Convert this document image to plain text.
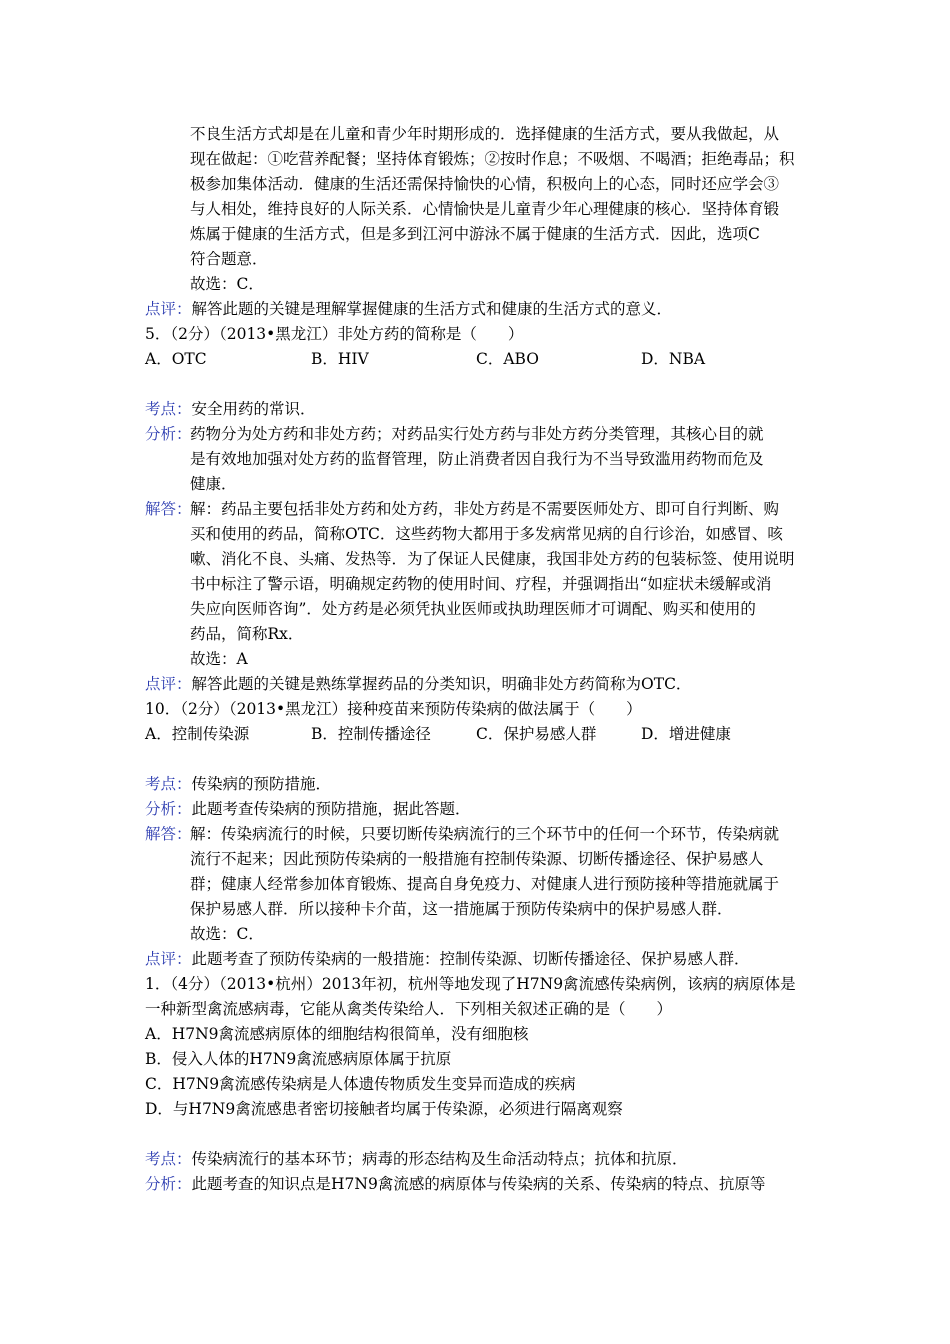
不良生活方式却是在儿童和青少年时期形成的．选择健康的生活方式，要从我做起，从
现在做起：①吃营养配餐；坚持体育锻炼；②按时作息；不吸烟、不喝酒；拒绝毒品；积
极参加集体活动．健康的生活还需保持愉快的心情，积极向上的心态，同时还应学会③
与人相处，维持良好的人际关系．心情愉快是儿童青少年心理健康的核心．坚持体育锻
炼属于健康的生活方式，但是多到江河中游泳不属于健康的生活方式．因此，选项C
符合题意．
故选：C．
点评：解答此题的关键是理解掌握健康的生活方式和健康的生活方式的意义．
5．（2分）（2013•黑龙江）非处方药的简称是（　　）
A．OTC	B．HIV	C．ABO	D．NBA
考点：安全用药的常识．
分析：
药物分为处方药和非处方药；对药品实行处方药与非处方药分类管理，其核心目的就
是有效地加强对处方药的监督管理，防止消费者因自我行为不当导致滥用药物而危及
健康．
解答：
解：药品主要包括非处方药和处方药，非处方药是不需要医师处方、即可自行判断、购
买和使用的药品，简称OTC．这些药物大都用于多发病常见病的自行诊治，如感冒、咳
嗽、消化不良、头痛、发热等．为了保证人民健康，我国非处方药的包装标签、使用说明
书中标注了警示语，明确规定药物的使用时间、疗程，并强调指出“如症状未缓解或消
失应向医师咨询”．处方药是必须凭执业医师或执助理医师才可调配、购买和使用的
药品，简称Rx．
故选：A
点评：解答此题的关键是熟练掌握药品的分类知识，明确非处方药简称为OTC．
10．（2分）（2013•黑龙江）接种疫苗来预防传染病的做法属于（　　）
A．控制传染源	B．控制传播途径	C．保护易感人群	D．增进健康
考点：传染病的预防措施．
分析：此题考查传染病的预防措施，据此答题．
解答：
解：传染病流行的时候，只要切断传染病流行的三个环节中的任何一个环节，传染病就
流行不起来；因此预防传染病的一般措施有控制传染源、切断传播途径、保护易感人
群；健康人经常参加体育锻炼、提高自身免疫力、对健康人进行预防接种等措施就属于
保护易感人群．所以接种卡介苗，这一措施属于预防传染病中的保护易感人群．
故选：C．
点评：此题考查了预防传染病的一般措施：控制传染源、切断传播途径、保护易感人群．
1．（4分）（2013•杭州）2013年初，杭州等地发现了H7N9禽流感传染病例，该病的病原体是
一种新型禽流感病毒，它能从禽类传染给人．下列相关叙述正确的是（　　）
A．H7N9禽流感病原体的细胞结构很简单，没有细胞核
B．侵入人体的H7N9禽流感病原体属于抗原
C．H7N9禽流感传染病是人体遗传物质发生变异而造成的疾病
D．与H7N9禽流感患者密切接触者均属于传染源，必须进行隔离观察
考点：传染病流行的基本环节；病毒的形态结构及生命活动特点；抗体和抗原．
分析：此题考查的知识点是H7N9禽流感的病原体与传染病的关系、传染病的特点、抗原等
